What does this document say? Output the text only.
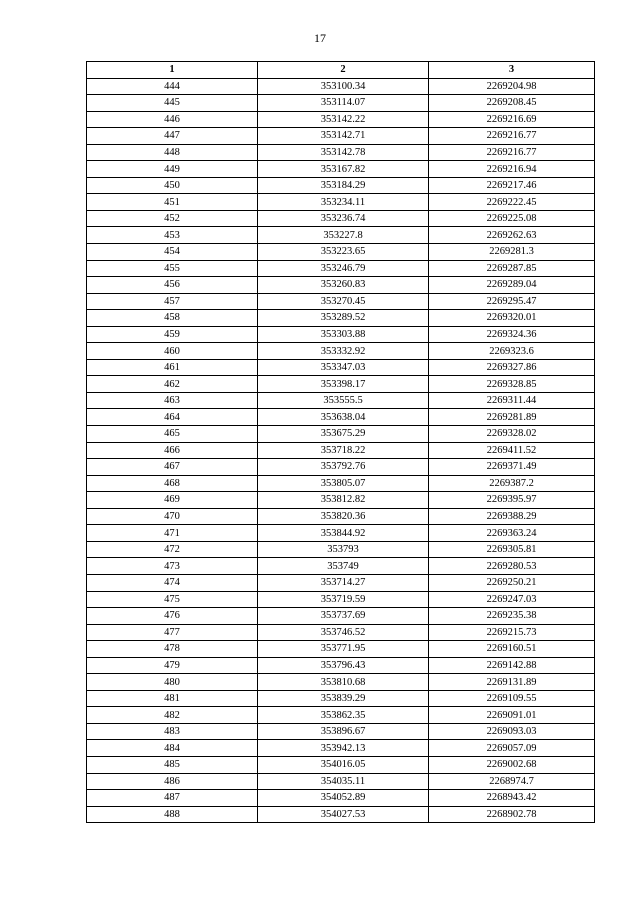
17
1	2	3
444	353100.34	2269204.98
445	353114.07	2269208.45
446	353142.22	2269216.69
447	353142.71	2269216.77
448	353142.78	2269216.77
449	353167.82	2269216.94
450	353184.29	2269217.46
451	353234.11	2269222.45
452	353236.74	2269225.08
453	353227.8	2269262.63
454	353223.65	2269281.3
455	353246.79	2269287.85
456	353260.83	2269289.04
457	353270.45	2269295.47
458	353289.52	2269320.01
459	353303.88	2269324.36
460	353332.92	2269323.6
461	353347.03	2269327.86
462	353398.17	2269328.85
463	353555.5	2269311.44
464	353638.04	2269281.89
465	353675.29	2269328.02
466	353718.22	2269411.52
467	353792.76	2269371.49
468	353805.07	2269387.2
469	353812.82	2269395.97
470	353820.36	2269388.29
471	353844.92	2269363.24
472	353793	2269305.81
473	353749	2269280.53
474	353714.27	2269250.21
475	353719.59	2269247.03
476	353737.69	2269235.38
477	353746.52	2269215.73
478	353771.95	2269160.51
479	353796.43	2269142.88
480	353810.68	2269131.89
481	353839.29	2269109.55
482	353862.35	2269091.01
483	353896.67	2269093.03
484	353942.13	2269057.09
485	354016.05	2269002.68
486	354035.11	2268974.7
487	354052.89	2268943.42
488	354027.53	2268902.78
